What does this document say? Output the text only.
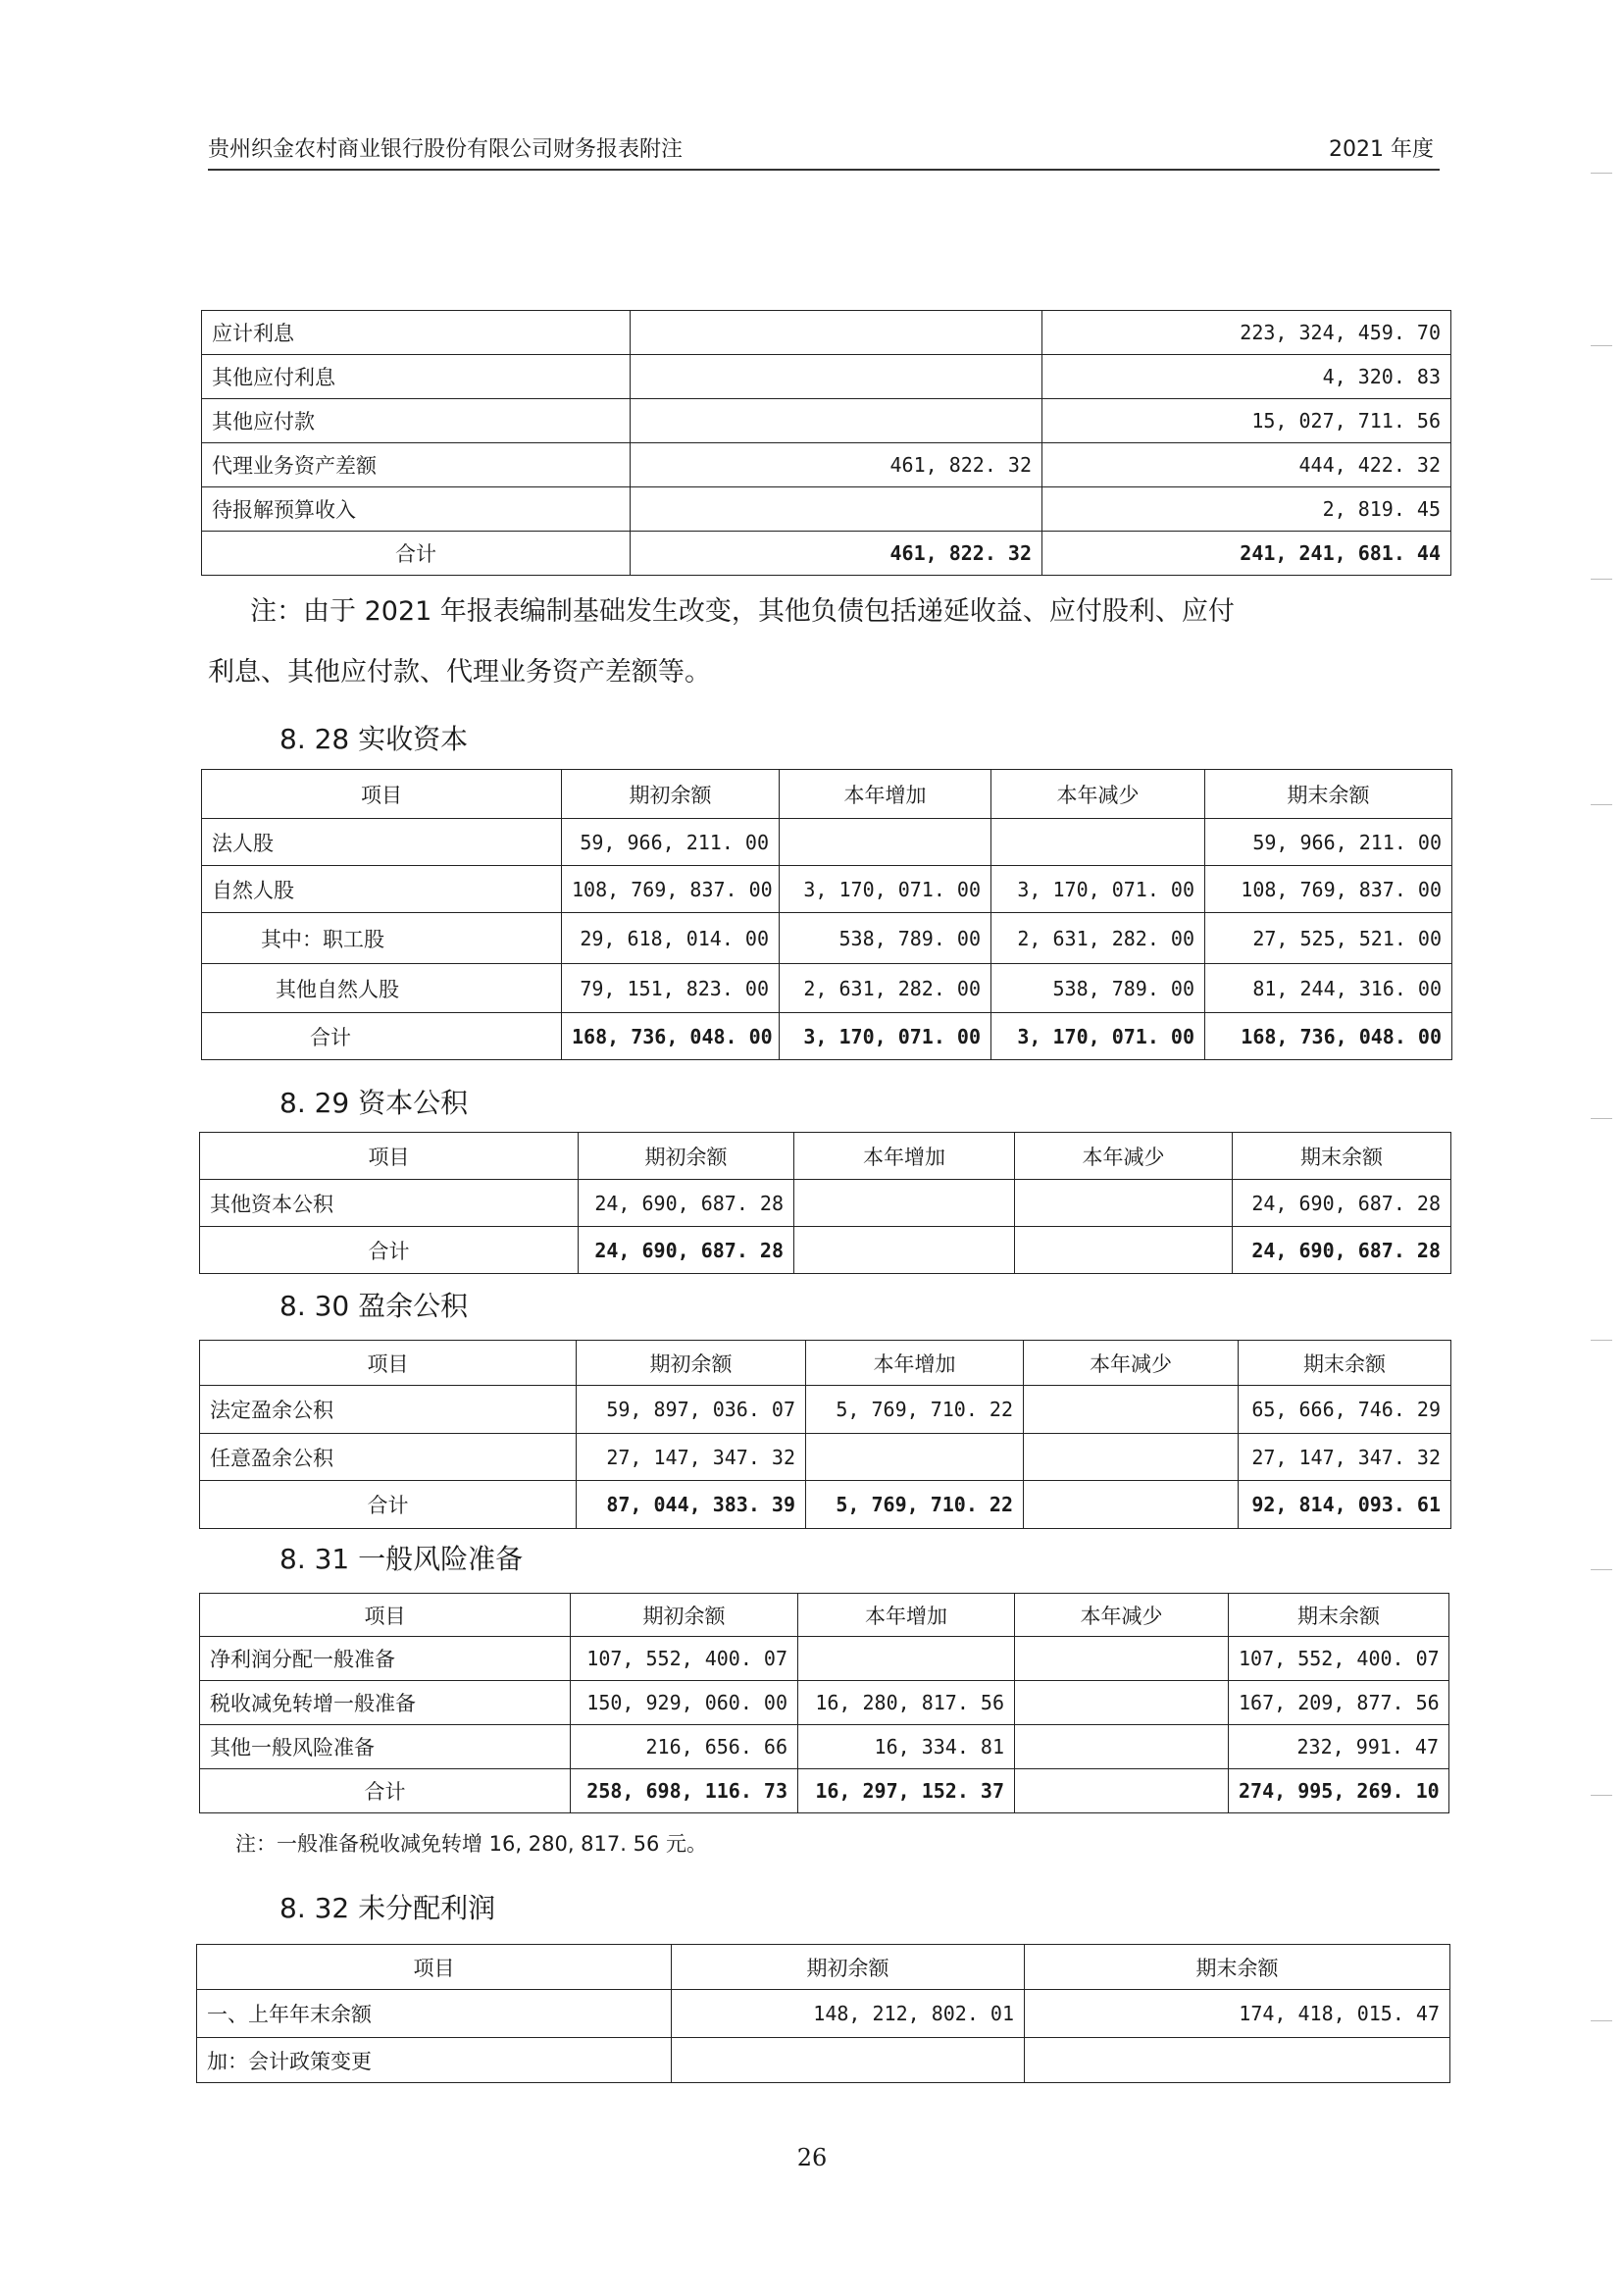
贵州织金农村商业银行股份有限公司财务报表附注	2021 年度
应计利息		223, 324, 459. 70
其他应付利息		4, 320. 83
其他应付款		15, 027, 711. 56
代理业务资产差额	461, 822. 32	444, 422. 32
待报解预算收入		2, 819. 45
合计	461, 822. 32	241, 241, 681. 44
注：由于 2021 年报表编制基础发生改变，其他负债包括递延收益、应付股利、应付
利息、其他应付款、代理业务资产差额等。
8. 28 实收资本
项目	期初余额	本年增加	本年减少	期末余额
法人股	59, 966, 211. 00			59, 966, 211. 00
自然人股	108, 769, 837. 00	3, 170, 071. 00	3, 170, 071. 00	108, 769, 837. 00
其中：职工股	29, 618, 014. 00	538, 789. 00	2, 631, 282. 00	27, 525, 521. 00
其他自然人股	79, 151, 823. 00	2, 631, 282. 00	538, 789. 00	81, 244, 316. 00
合计	168, 736, 048. 00	3, 170, 071. 00	3, 170, 071. 00	168, 736, 048. 00
8. 29 资本公积
项目	期初余额	本年增加	本年减少	期末余额
其他资本公积	24, 690, 687. 28			24, 690, 687. 28
合计	24, 690, 687. 28			24, 690, 687. 28
8. 30 盈余公积
项目	期初余额	本年增加	本年减少	期末余额
法定盈余公积	59, 897, 036. 07	5, 769, 710. 22		65, 666, 746. 29
任意盈余公积	27, 147, 347. 32			27, 147, 347. 32
合计	87, 044, 383. 39	5, 769, 710. 22		92, 814, 093. 61
8. 31 一般风险准备
项目	期初余额	本年增加	本年减少	期末余额
净利润分配一般准备	107, 552, 400. 07			107, 552, 400. 07
税收减免转增一般准备	150, 929, 060. 00	16, 280, 817. 56		167, 209, 877. 56
其他一般风险准备	216, 656. 66	16, 334. 81		232, 991. 47
合计	258, 698, 116. 73	16, 297, 152. 37		274, 995, 269. 10
注：一般准备税收减免转增 16, 280, 817. 56 元。
8. 32 未分配利润
项目	期初余额	期末余额
一、上年年末余额	148, 212, 802. 01	174, 418, 015. 47
加：会计政策变更		
26
